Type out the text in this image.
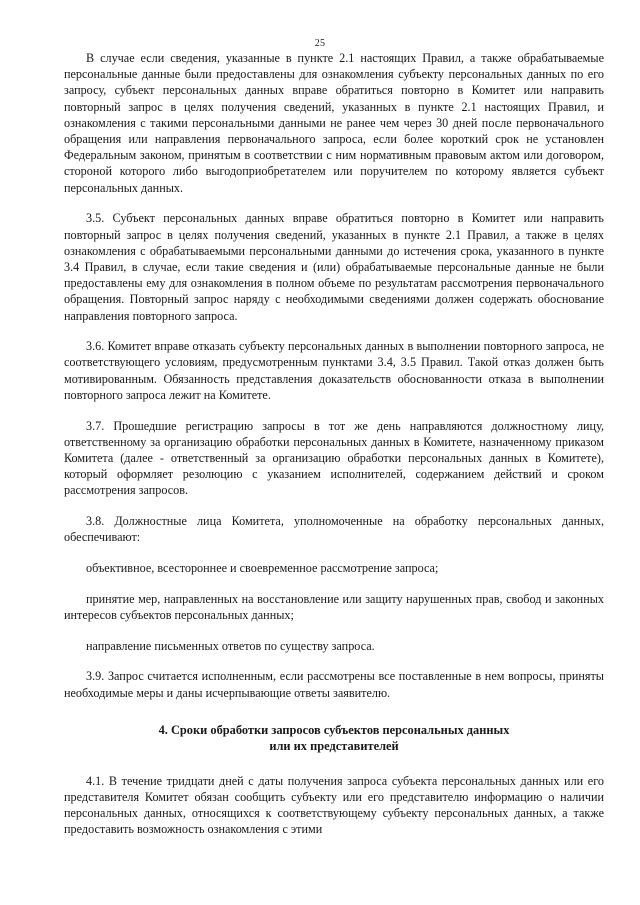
25

В случае если сведения, указанные в пункте 2.1 настоящих Правил, а также обрабатываемые персональные данные были предоставлены для ознакомления субъекту персональных данных по его запросу, субъект персональных данных вправе обратиться повторно в Комитет или направить повторный запрос в целях получения сведений, указанных в пункте 2.1 настоящих Правил, и ознакомления с такими персональными данными не ранее чем через 30 дней после первоначального обращения или направления первоначального запроса, если более короткий срок не установлен Федеральным законом, принятым в соответствии с ним нормативным правовым актом или договором, стороной которого либо выгодоприобретателем или поручителем по которому является субъект персональных данных.

3.5. Субъект персональных данных вправе обратиться повторно в Комитет или направить повторный запрос в целях получения сведений, указанных в пункте 2.1 Правил, а также в целях ознакомления с обрабатываемыми персональными данными до истечения срока, указанного в пункте 3.4 Правил, в случае, если такие сведения и (или) обрабатываемые персональные данные не были предоставлены ему для ознакомления в полном объеме по результатам рассмотрения первоначального обращения. Повторный запрос наряду с необходимыми сведениями должен содержать обоснование направления повторного запроса.

3.6. Комитет вправе отказать субъекту персональных данных в выполнении повторного запроса, не соответствующего условиям, предусмотренным пунктами 3.4, 3.5 Правил. Такой отказ должен быть мотивированным. Обязанность представления доказательств обоснованности отказа в выполнении повторного запроса лежит на Комитете.

3.7. Прошедшие регистрацию запросы в тот же день направляются должностному лицу, ответственному за организацию обработки персональных данных в Комитете, назначенному приказом Комитета (далее - ответственный за организацию обработки персональных данных в Комитете), который оформляет резолюцию с указанием исполнителей, содержанием действий и сроком рассмотрения запросов.

3.8. Должностные лица Комитета, уполномоченные на обработку персональных данных, обеспечивают:

объективное, всестороннее и своевременное рассмотрение запроса;

принятие мер, направленных на восстановление или защиту нарушенных прав, свобод и законных интересов субъектов персональных данных;

направление письменных ответов по существу запроса.

3.9. Запрос считается исполненным, если рассмотрены все поставленные в нем вопросы, приняты необходимые меры и даны исчерпывающие ответы заявителю.

4. Сроки обработки запросов субъектов персональных данных
или их представителей

4.1. В течение тридцати дней с даты получения запроса субъекта персональных данных или его представителя Комитет обязан сообщить субъекту или его представителю информацию о наличии персональных данных, относящихся к соответствующему субъекту персональных данных, а также предоставить возможность ознакомления с этими
